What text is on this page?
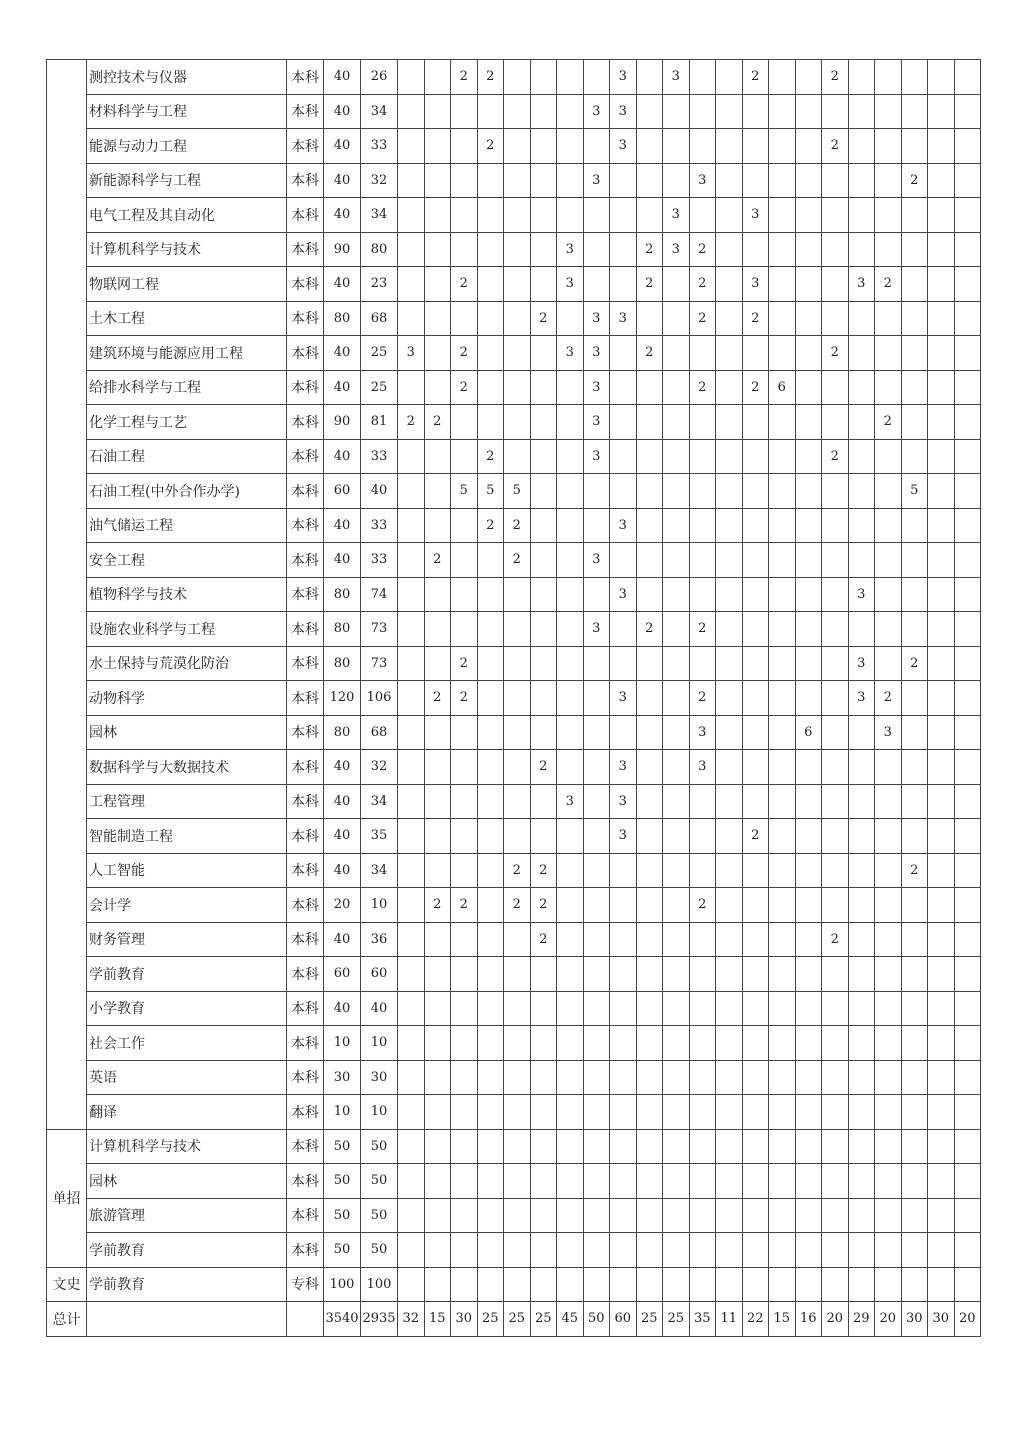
	测控技术与仪器	本科	40	26			2	2					3		3			2			2					
	材料科学与工程	本科	40	34								3	3													
	能源与动力工程	本科	40	33				2					3								2					
	新能源科学与工程	本科	40	32								3				3								2		
	电气工程及其自动化	本科	40	34											3			3								
	计算机科学与技术	本科	90	80							3			2	3	2										
	物联网工程	本科	40	23			2				3			2		2		3				3	2			
	土木工程	本科	80	68						2		3	3			2		2								
	建筑环境与能源应用工程	本科	40	25	3		2				3	3		2							2					
	给排水科学与工程	本科	40	25			2					3				2		2	6							
	化学工程与工艺	本科	90	81	2	2						3											2			
	石油工程	本科	40	33				2				3									2					
	石油工程(中外合作办学)	本科	60	40			5	5	5															5		
	油气储运工程	本科	40	33				2	2				3													
	安全工程	本科	40	33		2			2			3														
	植物科学与技术	本科	80	74									3									3				
	设施农业科学与工程	本科	80	73								3		2		2										
	水土保持与荒漠化防治	本科	80	73			2															3		2		
	动物科学	本科	120	106		2	2						3			2						3	2			
	园林	本科	80	68												3				6			3			
	数据科学与大数据技术	本科	40	32						2			3			3										
	工程管理	本科	40	34							3		3													
	智能制造工程	本科	40	35									3					2								
	人工智能	本科	40	34					2	2														2		
	会计学	本科	20	10		2	2		2	2						2										
	财务管理	本科	40	36						2											2					
	学前教育	本科	60	60																						
	小学教育	本科	40	40																						
	社会工作	本科	10	10																						
	英语	本科	30	30																						
	翻译	本科	10	10																						
单招	计算机科学与技术	本科	50	50																						
	园林	本科	50	50																						
	旅游管理	本科	50	50																						
	学前教育	本科	50	50																						
文史	学前教育	专科	100	100																						
总计			3540	2935	32	15	30	25	25	25	45	50	60	25	25	35	11	22	15	16	20	29	20	30	30	20
